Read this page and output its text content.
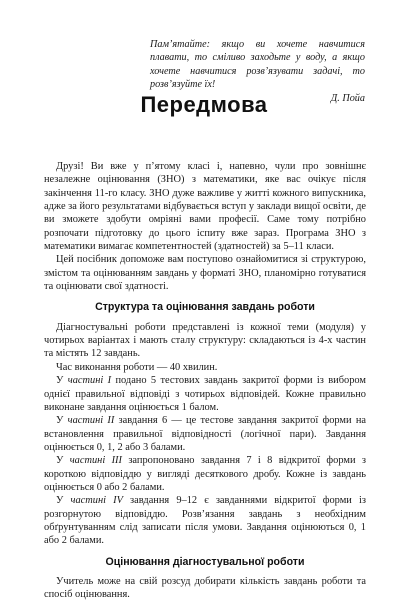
Пам’ятайте: якщо ви хочете навчитися плавати, то сміливо заходьте у воду, а якщо хочете навчитися розв’язувати задачі, то розв’язуйте їх!
Д. Пойа
Передмова

Друзі! Ви вже у п’ятому класі і, напевно, чули про зовнішнє незалежне оцінювання (ЗНО) з математики, яке вас очікує після закінчення 11-го класу. ЗНО дуже важливе у житті кожного випускника, адже за його результатами відбувається вступ у заклади вищої освіти, де ви зможете здобути омріяні вами професії. Саме тому потрібно розпочати підготовку до цього іспиту вже зараз. Програма ЗНО з математики вимагає компетентностей (здатностей) за 5–11 класи.

Цей посібник допоможе вам поступово ознайомитися зі структурою, змістом та оцінюванням завдань у форматі ЗНО, планомірно готуватися та оцінювати свої здатності.

Структура та оцінювання завдань роботи

Діагностувальні роботи представлені із кожної теми (модуля) у чотирьох варіантах і мають сталу структуру: складаються із 4-х частин та містять 12 завдань.

Час виконання роботи — 40 хвилин.

У частині I подано 5 тестових завдань закритої форми із вибором однієї правильної відповіді з чотирьох відповідей. Кожне правильно виконане завдання оцінюється 1 балом.

У частині II завдання 6 — це тестове завдання закритої форми на встановлення правильної відповідності (логічної пари). Завдання оцінюється 0, 1, 2 або 3 балами.

У частині III запропоновано завдання 7 і 8 відкритої форми з короткою відповіддю у вигляді десяткового дробу. Кожне із завдань оцінюється 0 або 2 балами.

У частині IV завдання 9–12 є завданнями відкритої форми із розгорнутою відповіддю. Розв’язання завдань з необхідним обґрунтуванням слід записати після умови. Завдання оцінюються 0, 1 або 2 балами.

Оцінювання діагностувальної роботи

Учитель може на свій розсуд добирати кількість завдань роботи та спосіб оцінювання.
